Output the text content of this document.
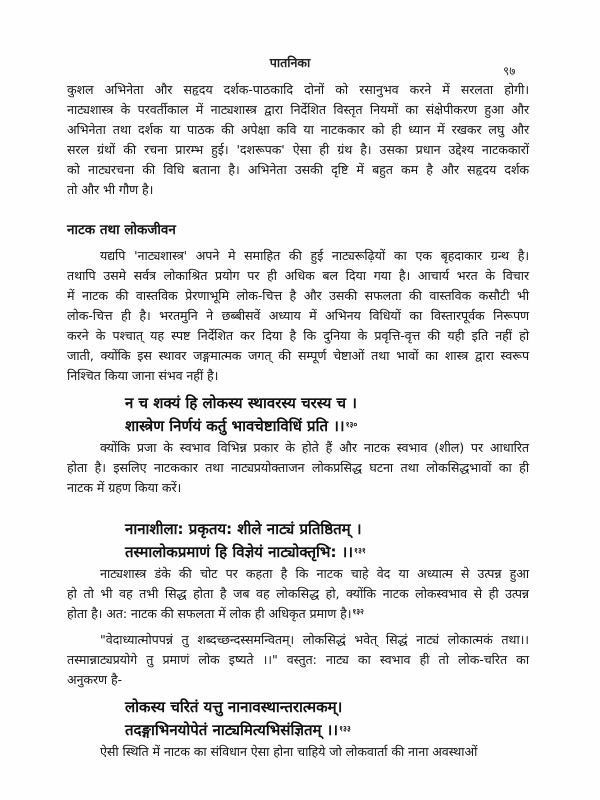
पातनिका
९७

कुशल अभिनेता और सहृदय दर्शक-पाठकादि दोनों को रसानुभव करने में सरलता होगी।
नाट्यशास्त्र के परवर्तीकाल में नाट्यशास्त्र द्वारा निर्देशित विस्तृत नियमों का संक्षेपीकरण हुआ और
अभिनेता तथा दर्शक या पाठक की अपेक्षा कवि या नाटककार को ही ध्यान में रखकर लघु और
सरल ग्रंथों की रचना प्रारम्भ हुई। 'दशरूपक' ऐसा ही ग्रंथ है। उसका प्रधान उद्देश्य नाटककारों
को नाट्यरचना की विधि बताना है। अभिनेता उसकी दृष्टि में बहुत कम है और सहृदय दर्शक
तो और भी गौण है।

नाटक तथा लोकजीवन

यद्यपि 'नाट्यशास्त्र' अपने मे समाहित की हुई नाट्यरूढ़ियों का एक बृहदाकार ग्रन्थ है।
तथापि उसमे सर्वत्र लोकाश्रित प्रयोग पर ही अधिक बल दिया गया है। आचार्य भरत के विचार
में नाटक की वास्तविक प्रेरणाभूमि लोक-चित्त है और उसकी सफलता की वास्तविक कसौटी भी
लोक-चित्त ही है। भरतमुनि ने छब्बीसवें अध्याय में अभिनय विधियों का विस्तारपूर्वक निरूपण
करने के पश्चात् यह स्पष्ट निर्देशित कर दिया है कि दुनिया के प्रवृत्ति-वृत्त की यही इति नहीं हो
जाती, क्योंकि इस स्थावर जङ्गमात्मक जगत् की सम्पूर्ण चेष्टाओं तथा भावों का शास्त्र द्वारा स्वरूप
निश्चित किया जाना संभव नहीं है।

न च शक्यं हि लोकस्य स्थावरस्य चरस्य च ।
शास्त्रेण निर्णयं कर्तु भावचेष्टाविधिं प्रति ।।$^{१३०}$

क्योंकि प्रजा के स्वभाव विभिन्न प्रकार के होते हैं और नाटक स्वभाव (शील) पर आधारित
होता है। इसलिए नाटककार तथा नाट्यप्रयोक्ताजन लोकप्रसिद्ध घटना तथा लोकसिद्धभावों का ही
नाटक में ग्रहण किया करें।

नानाशीला: प्रकृतय: शीले नाट्यं प्रतिष्ठितम् ।
तस्मालोकप्रमाणं हि विज्ञेयं नाट्योक्तृभि: ।।$^{१३१}$

नाट्यशास्त्र डंके की चोट पर कहता है कि नाटक चाहे वेद या अध्यात्म से उत्पन्न हुआ
हो तो भी वह तभी सिद्ध होता है जब वह लोकसिद्ध हो, क्योंकि नाटक लोकस्वभाव से ही उत्पन्न
होता है। अत: नाटक की सफलता में लोक ही अधिकृत प्रमाण है।$^{१३२}$

"वेदाध्यात्मोपपन्नं तु शब्दच्छन्दस्समन्वितम्। लोकसिद्धं भवेत् सिद्धं नाट्यं लोकात्मकं तथा।।
तस्मान्नाट्यप्रयोगे तु प्रमाणं लोक इष्यते ।।" वस्तुत: नाट्य का स्वभाव ही तो लोक-चरित का
अनुकरण है-

लोकस्य चरितं यत्तु नानावस्थान्तरात्मकम्।
तदङ्गाभिनयोपेतं नाट्यमित्यभिसंज्ञितम् ।।$^{१३३}$

ऐसी स्थिति में नाटक का संविधान ऐसा होना चाहिये जो लोकवार्ता की नाना अवस्थाओं
